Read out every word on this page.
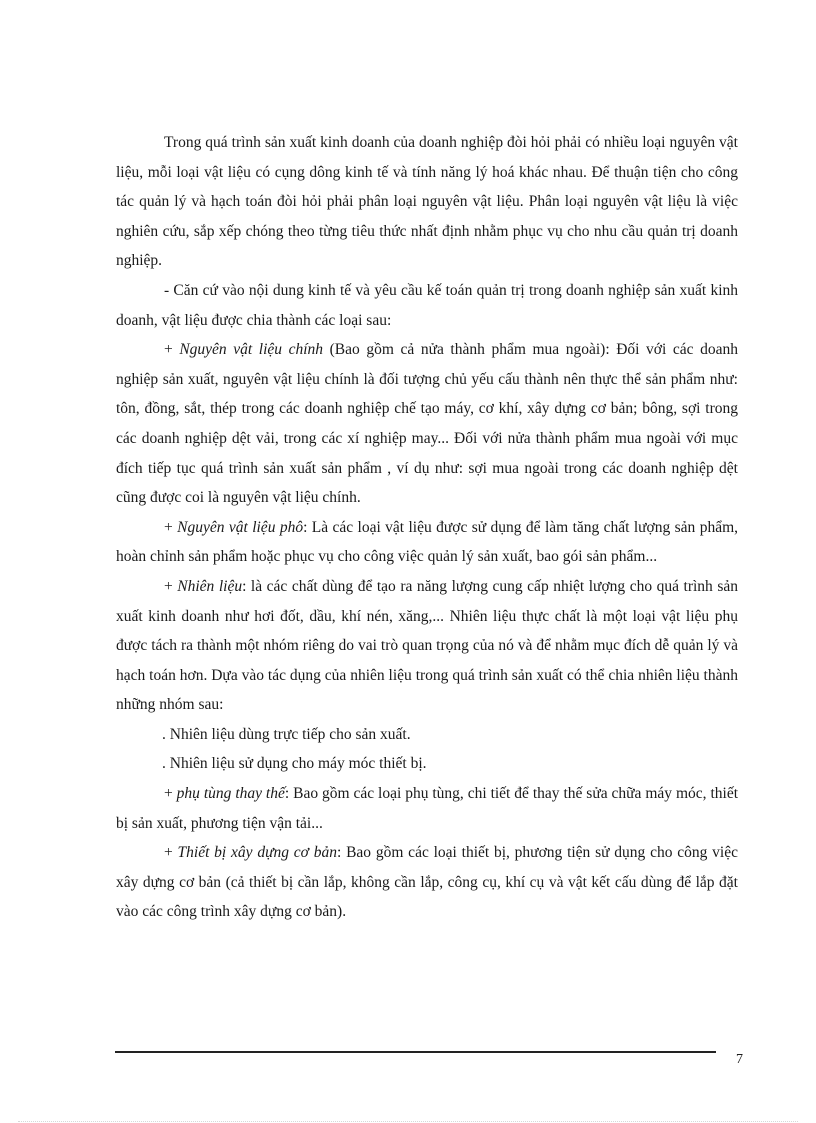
Trong quá trình sản xuất kinh doanh của doanh nghiệp đòi hỏi phải có nhiều loại nguyên vật liệu, mỗi loại vật liệu có cụng dông kinh tế và tính năng lý hoá khác nhau. Để thuận tiện cho công tác quản lý và hạch toán đòi hỏi phải phân loại nguyên vật liệu. Phân loại nguyên vật liệu là việc nghiên cứu, sắp xếp chóng theo từng tiêu thức nhất định nhằm phục vụ cho nhu cầu quản trị doanh nghiệp.

- Căn cứ vào nội dung kinh tế và yêu cầu kế toán quản trị trong doanh nghiệp sản xuất kinh doanh, vật liệu được chia thành các loại sau:

+ Nguyên vật liệu chính (Bao gồm cả nửa thành phẩm mua ngoài): Đối với các doanh nghiệp sản xuất, nguyên vật liệu chính là đối tượng chủ yếu cấu thành nên thực thể sản phẩm như: tôn, đồng, sắt, thép trong các doanh nghiệp chế tạo máy, cơ khí, xây dựng cơ bản; bông, sợi trong các doanh nghiệp dệt vải, trong các xí nghiệp may... Đối với nửa thành phẩm mua ngoài với mục đích tiếp tục quá trình sản xuất sản phẩm , ví dụ như: sợi mua ngoài trong các doanh nghiệp dệt cũng được coi là nguyên vật liệu chính.

+ Nguyên vật liệu phô: Là các loại vật liệu được sử dụng để làm tăng chất lượng sản phẩm, hoàn chỉnh sản phẩm hoặc phục vụ cho công việc quản lý sản xuất, bao gói sản phẩm...

+ Nhiên liệu: là các chất dùng để tạo ra năng lượng cung cấp nhiệt lượng cho quá trình sản xuất kinh doanh như hơi đốt, dầu, khí nén, xăng,... Nhiên liệu thực chất là một loại vật liệu phụ được tách ra thành một nhóm riêng do vai trò quan trọng của nó và để nhằm mục đích dễ quản lý và hạch toán hơn. Dựa vào tác dụng của nhiên liệu trong quá trình sản xuất có thể chia nhiên liệu thành những nhóm sau:

. Nhiên liệu dùng trực tiếp cho sản xuất.

. Nhiên liệu sử dụng cho máy móc thiết bị.

+ phụ tùng thay thế: Bao gồm các loại phụ tùng, chi tiết để thay thế sửa chữa máy móc, thiết bị sản xuất, phương tiện vận tải...

+ Thiết bị xây dựng cơ bản: Bao gồm các loại thiết bị, phương tiện sử dụng cho công việc xây dựng cơ bản (cả thiết bị cần lắp, không cần lắp, công cụ, khí cụ và vật kết cấu dùng để lắp đặt vào các công trình xây dựng cơ bản).

7
